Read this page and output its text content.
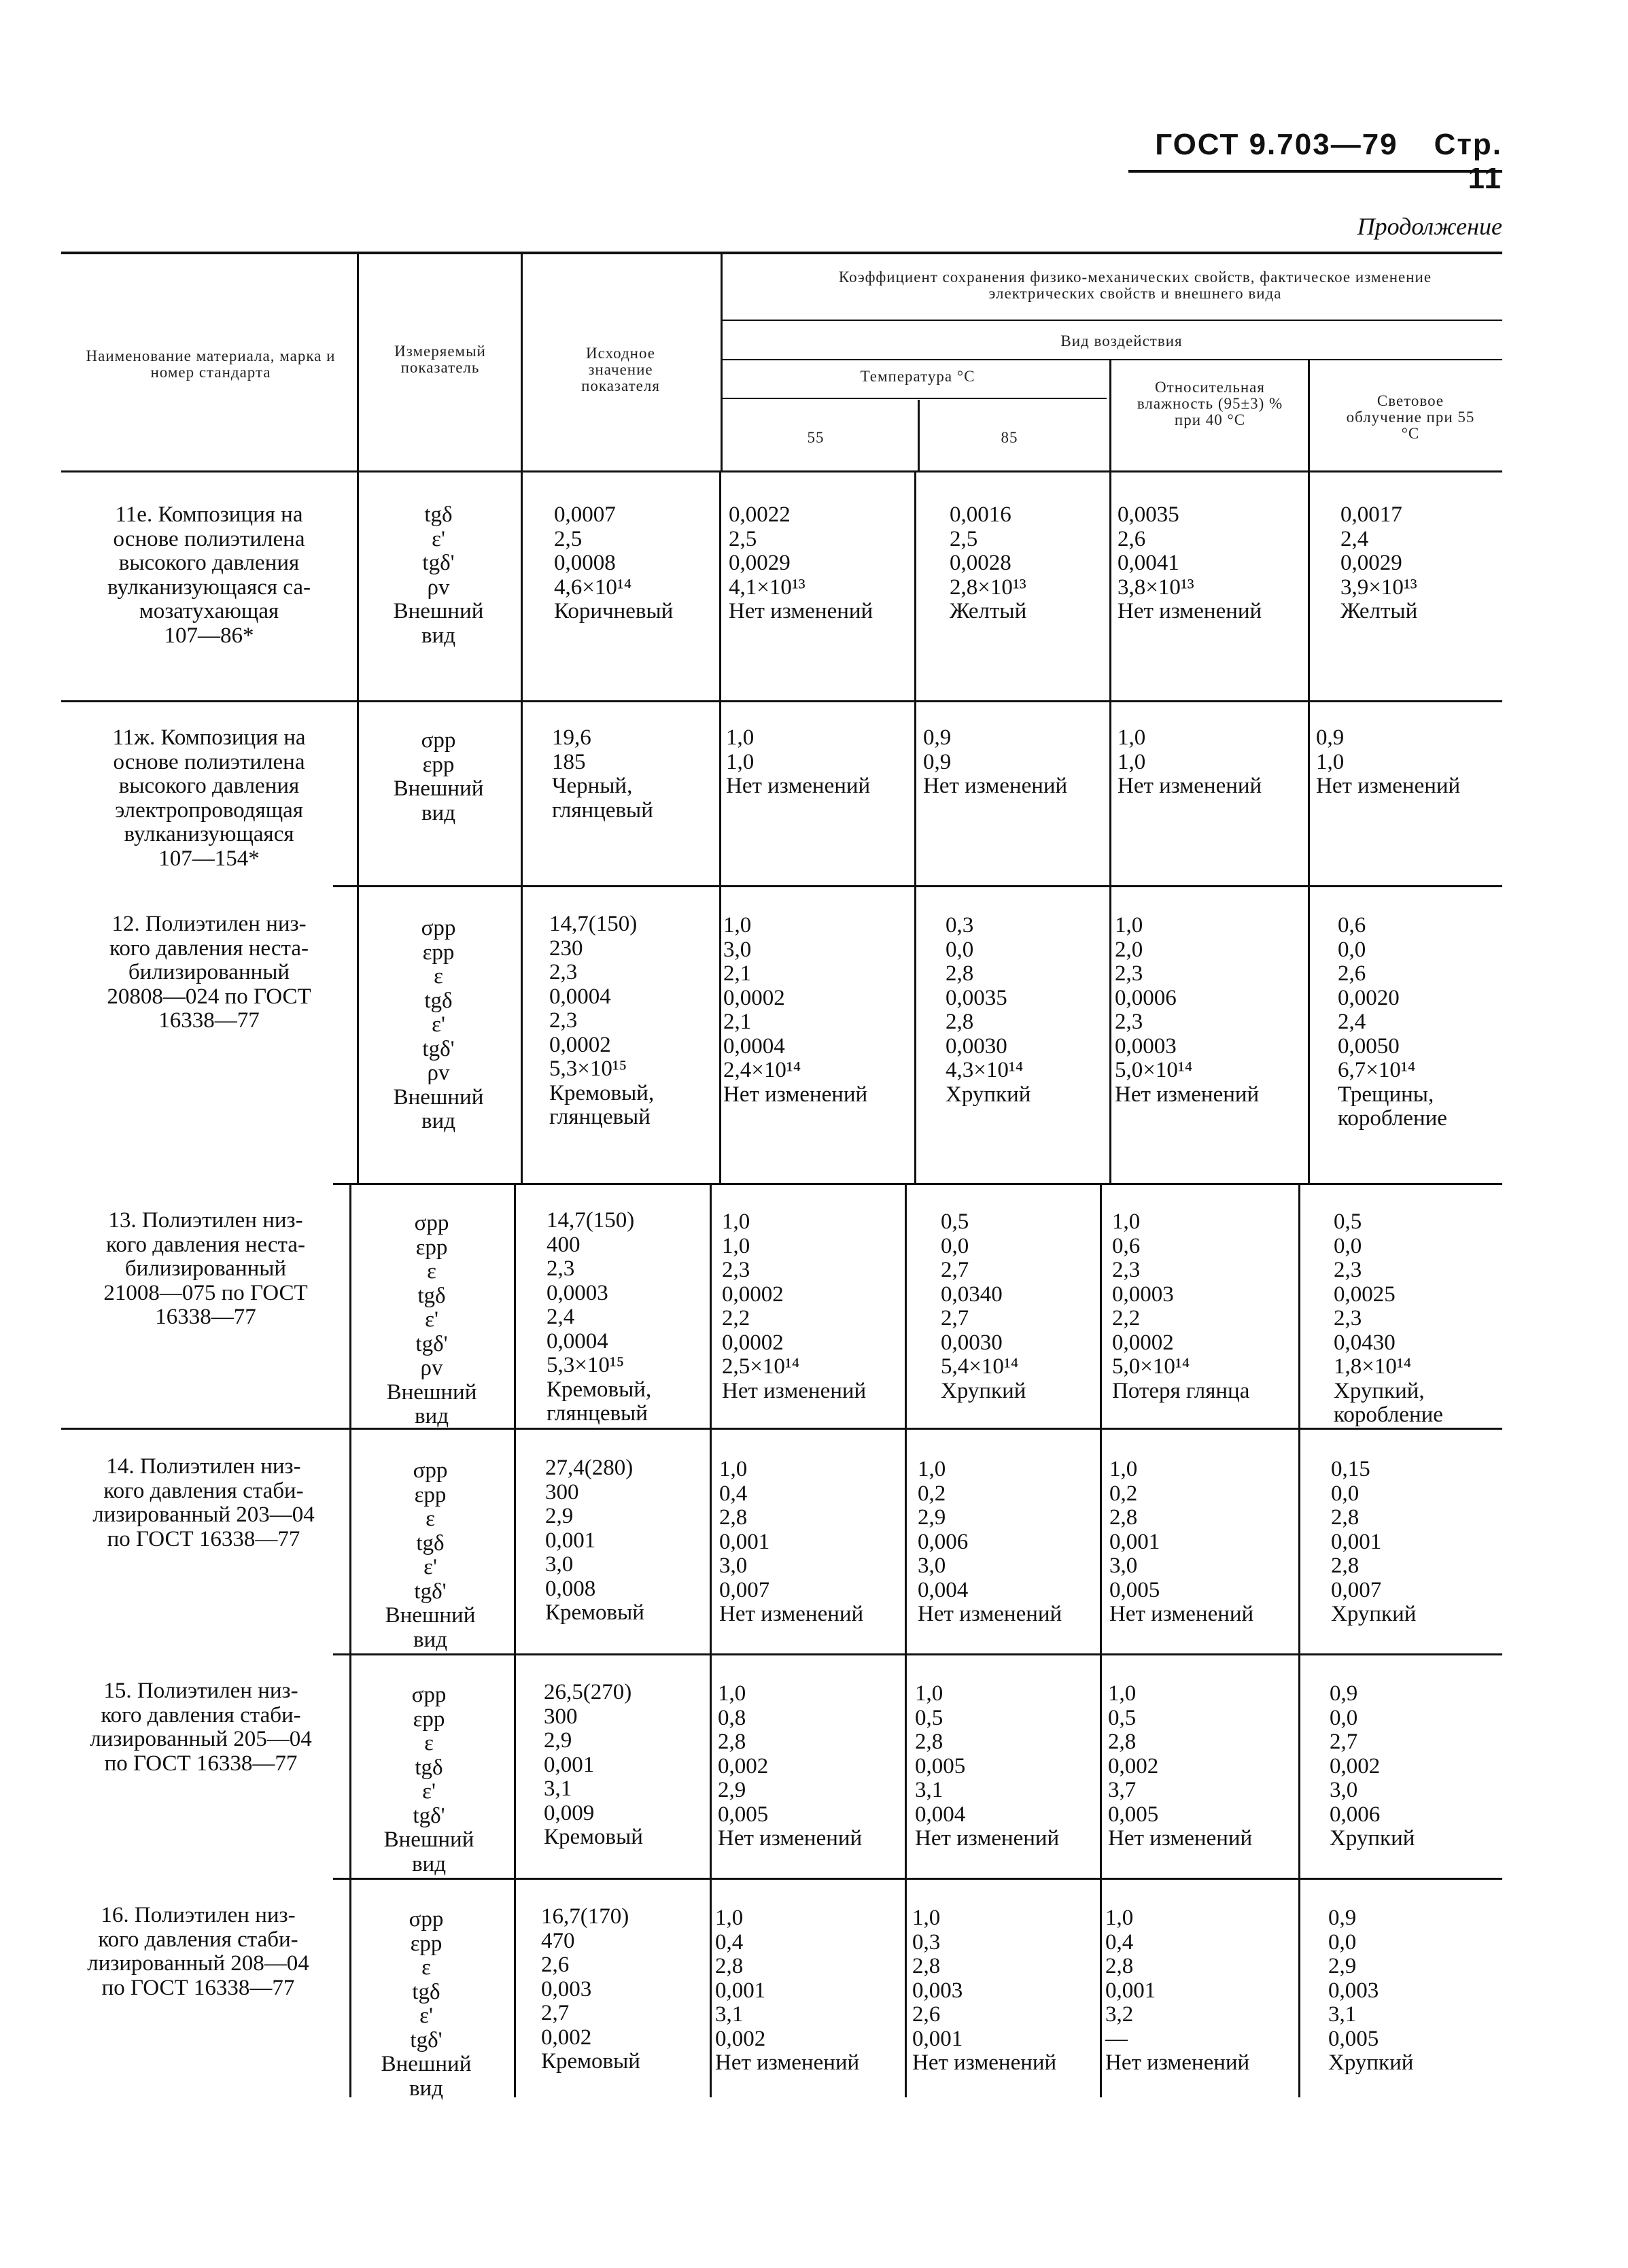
ГОСТ 9.703—79 Стр. 11
Продолжение
Наименование материала, марка и номер стандарта
Измеряемый показатель
Исходное значение показателя
Коэффициент сохранения физико-механических свойств, фактическое изменение электрических свойств и внешнего вида
Вид воздействия
Температура °С
55	85
Относительная влажность (95±3) % при 40 °С
Световое облучение при 55 °С
11е. Композиция на
основе полиэтилена
высокого давления
вулканизующаяся са-
мозатухающая
107—86*
tgδ
ε'
tgδ'
ρv
Внешний
вид
0,0007
2,5
0,0008
4,6×10¹⁴
Коричневый
0,0022
2,5
0,0029
4,1×10¹³
Нет изменений
0,0016
2,5
0,0028
2,8×10¹³
Желтый
0,0035
2,6
0,0041
3,8×10¹³
Нет изменений
0,0017
2,4
0,0029
3,9×10¹³
Желтый
11ж. Композиция на
основе полиэтилена
высокого давления
электропроводящая
вулканизующаяся
107—154*
σрр
εрр
Внешний
вид
19,6
185
Черный,
глянцевый
1,0
1,0
Нет изменений
0,9
0,9
Нет изменений
1,0
1,0
Нет изменений
0,9
1,0
Нет изменений
12. Полиэтилен низ-
кого давления неста-
билизированный
20808—024 по ГОСТ
16338—77
σрр
εрр
ε
tgδ
ε'
tgδ'
ρv
Внешний
вид
14,7(150)
230
2,3
0,0004
2,3
0,0002
5,3×10¹⁵
Кремовый,
глянцевый
1,0
3,0
2,1
0,0002
2,1
0,0004
2,4×10¹⁴
Нет изменений
0,3
0,0
2,8
0,0035
2,8
0,0030
4,3×10¹⁴
Хрупкий
1,0
2,0
2,3
0,0006
2,3
0,0003
5,0×10¹⁴
Нет изменений
0,6
0,0
2,6
0,0020
2,4
0,0050
6,7×10¹⁴
Трещины,
коробление
13. Полиэтилен низ-
кого давления неста-
билизированный
21008—075 по ГОСТ
16338—77
σрр
εрр
ε
tgδ
ε'
tgδ'
ρv
Внешний
вид
14,7(150)
400
2,3
0,0003
2,4
0,0004
5,3×10¹⁵
Кремовый,
глянцевый
1,0
1,0
2,3
0,0002
2,2
0,0002
2,5×10¹⁴
Нет изменений
0,5
0,0
2,7
0,0340
2,7
0,0030
5,4×10¹⁴
Хрупкий
1,0
0,6
2,3
0,0003
2,2
0,0002
5,0×10¹⁴
Потеря глянца
0,5
0,0
2,3
0,0025
2,3
0,0430
1,8×10¹⁴
Хрупкий,
коробление
14. Полиэтилен низ-
кого давления стаби-
лизированный 203—04
по ГОСТ 16338—77
σрр
εрр
ε
tgδ
ε'
tgδ'
Внешний
вид
27,4(280)
300
2,9
0,001
3,0
0,008
Кремовый
1,0
0,4
2,8
0,001
3,0
0,007
Нет изменений
1,0
0,2
2,9
0,006
3,0
0,004
Нет изменений
1,0
0,2
2,8
0,001
3,0
0,005
Нет изменений
0,15
0,0
2,8
0,001
2,8
0,007
Хрупкий
15. Полиэтилен низ-
кого давления стаби-
лизированный 205—04
по ГОСТ 16338—77
σрр
εрр
ε
tgδ
ε'
tgδ'
Внешний
вид
26,5(270)
300
2,9
0,001
3,1
0,009
Кремовый
1,0
0,8
2,8
0,002
2,9
0,005
Нет изменений
1,0
0,5
2,8
0,005
3,1
0,004
Нет изменений
1,0
0,5
2,8
0,002
3,7
0,005
Нет изменений
0,9
0,0
2,7
0,002
3,0
0,006
Хрупкий
16. Полиэтилен низ-
кого давления стаби-
лизированный 208—04
по ГОСТ 16338—77
σрр
εрр
ε
tgδ
ε'
tgδ'
Внешний
вид
16,7(170)
470
2,6
0,003
2,7
0,002
Кремовый
1,0
0,4
2,8
0,001
3,1
0,002
Нет изменений
1,0
0,3
2,8
0,003
2,6
0,001
Нет изменений
1,0
0,4
2,8
0,001
3,2
—
Нет изменений
0,9
0,0
2,9
0,003
3,1
0,005
Хрупкий
